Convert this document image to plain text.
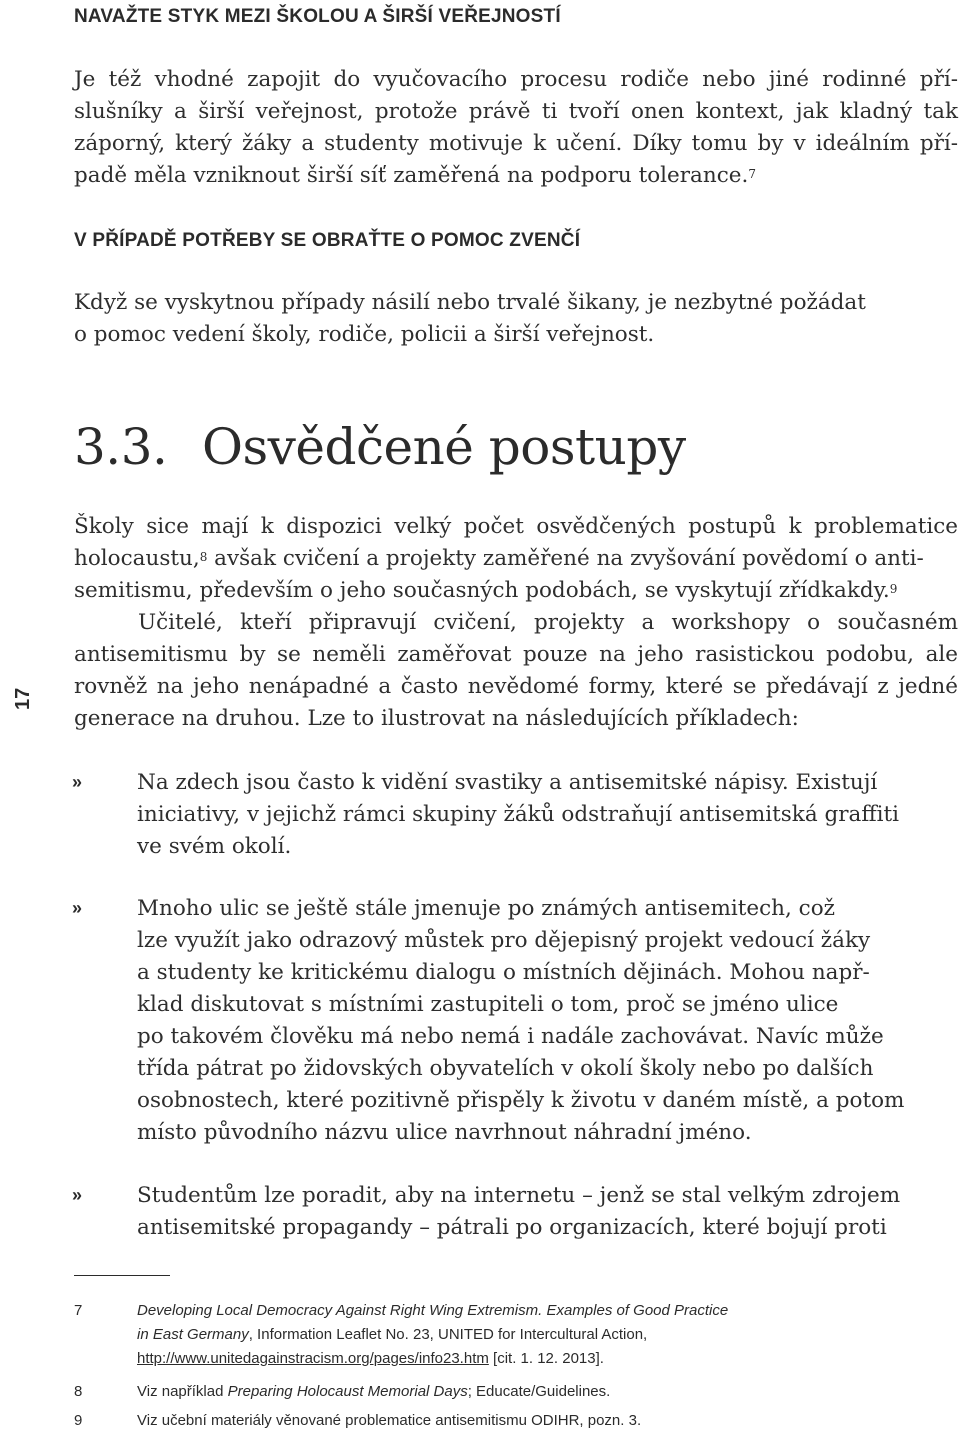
NAVAŽTE STYK MEZI ŠKOLOU A ŠIRŠÍ VEŘEJNOSTÍ
Je též vhodné zapojit do vyučovacího procesu rodiče nebo jiné rodinné pří-
slušníky a širší veřejnost, protože právě ti tvoří onen kontext, jak kladný tak
záporný, který žáky a studenty motivuje k učení. Díky tomu by v ideálním pří-
padě měla vzniknout širší síť zaměřená na podporu tolerance.$^7$
V PŘÍPADĚ POTŘEBY SE OBRAŤTE O POMOC ZVENČÍ
Když se vyskytnou případy násilí nebo trvalé šikany, je nezbytné požádat
o pomoc vedení školy, rodiče, policii a širší veřejnost.
3.3. Osvědčené postupy
Školy sice mají k dispozici velký počet osvědčených postupů k problematice
holocaustu,$^8$ avšak cvičení a projekty zaměřené na zvyšování povědomí o anti-
semitismu, především o jeho současných podobách, se vyskytují zřídkakdy.$^9$
Učitelé, kteří připravují cvičení, projekty a workshopy o současném
antisemitismu by se neměli zaměřovat pouze na jeho rasistickou podobu, ale
rovněž na jeho nenápadné a často nevědomé formy, které se předávají z jedné
generace na druhou. Lze to ilustrovat na následujících příkladech:
17
»	Na zdech jsou často k vidění svastiky a antisemitské nápisy. Existují
iniciativy, v jejichž rámci skupiny žáků odstraňují antisemitská graffiti
ve svém okolí.
»	Mnoho ulic se ještě stále jmenuje po známých antisemitech, což
lze využít jako odrazový můstek pro dějepisný projekt vedoucí žáky
a studenty ke kritickému dialogu o místních dějinách. Mohou např-
klad diskutovat s místními zastupiteli o tom, proč se jméno ulice
po takovém člověku má nebo nemá i nadále zachovávat. Navíc může
třída pátrat po židovských obyvatelích v okolí školy nebo po dalších
osobnostech, které pozitivně přispěly k životu v daném místě, a potom
místo původního názvu ulice navrhnout náhradní jméno.
»	Studentům lze poradit, aby na internetu – jenž se stal velkým zdrojem
antisemitské propagandy – pátrali po organizacích, které bojují proti
7	Developing Local Democracy Against Right Wing Extremism. Examples of Good Practice
in East Germany, Information Leaflet No. 23, UNITED for Intercultural Action,
http://www.unitedagainstracism.org/pages/info23.htm [cit. 1. 12. 2013].
8	Viz například Preparing Holocaust Memorial Days; Educate/Guidelines.
9	Viz učební materiály věnované problematice antisemitismu ODIHR, pozn. 3.
